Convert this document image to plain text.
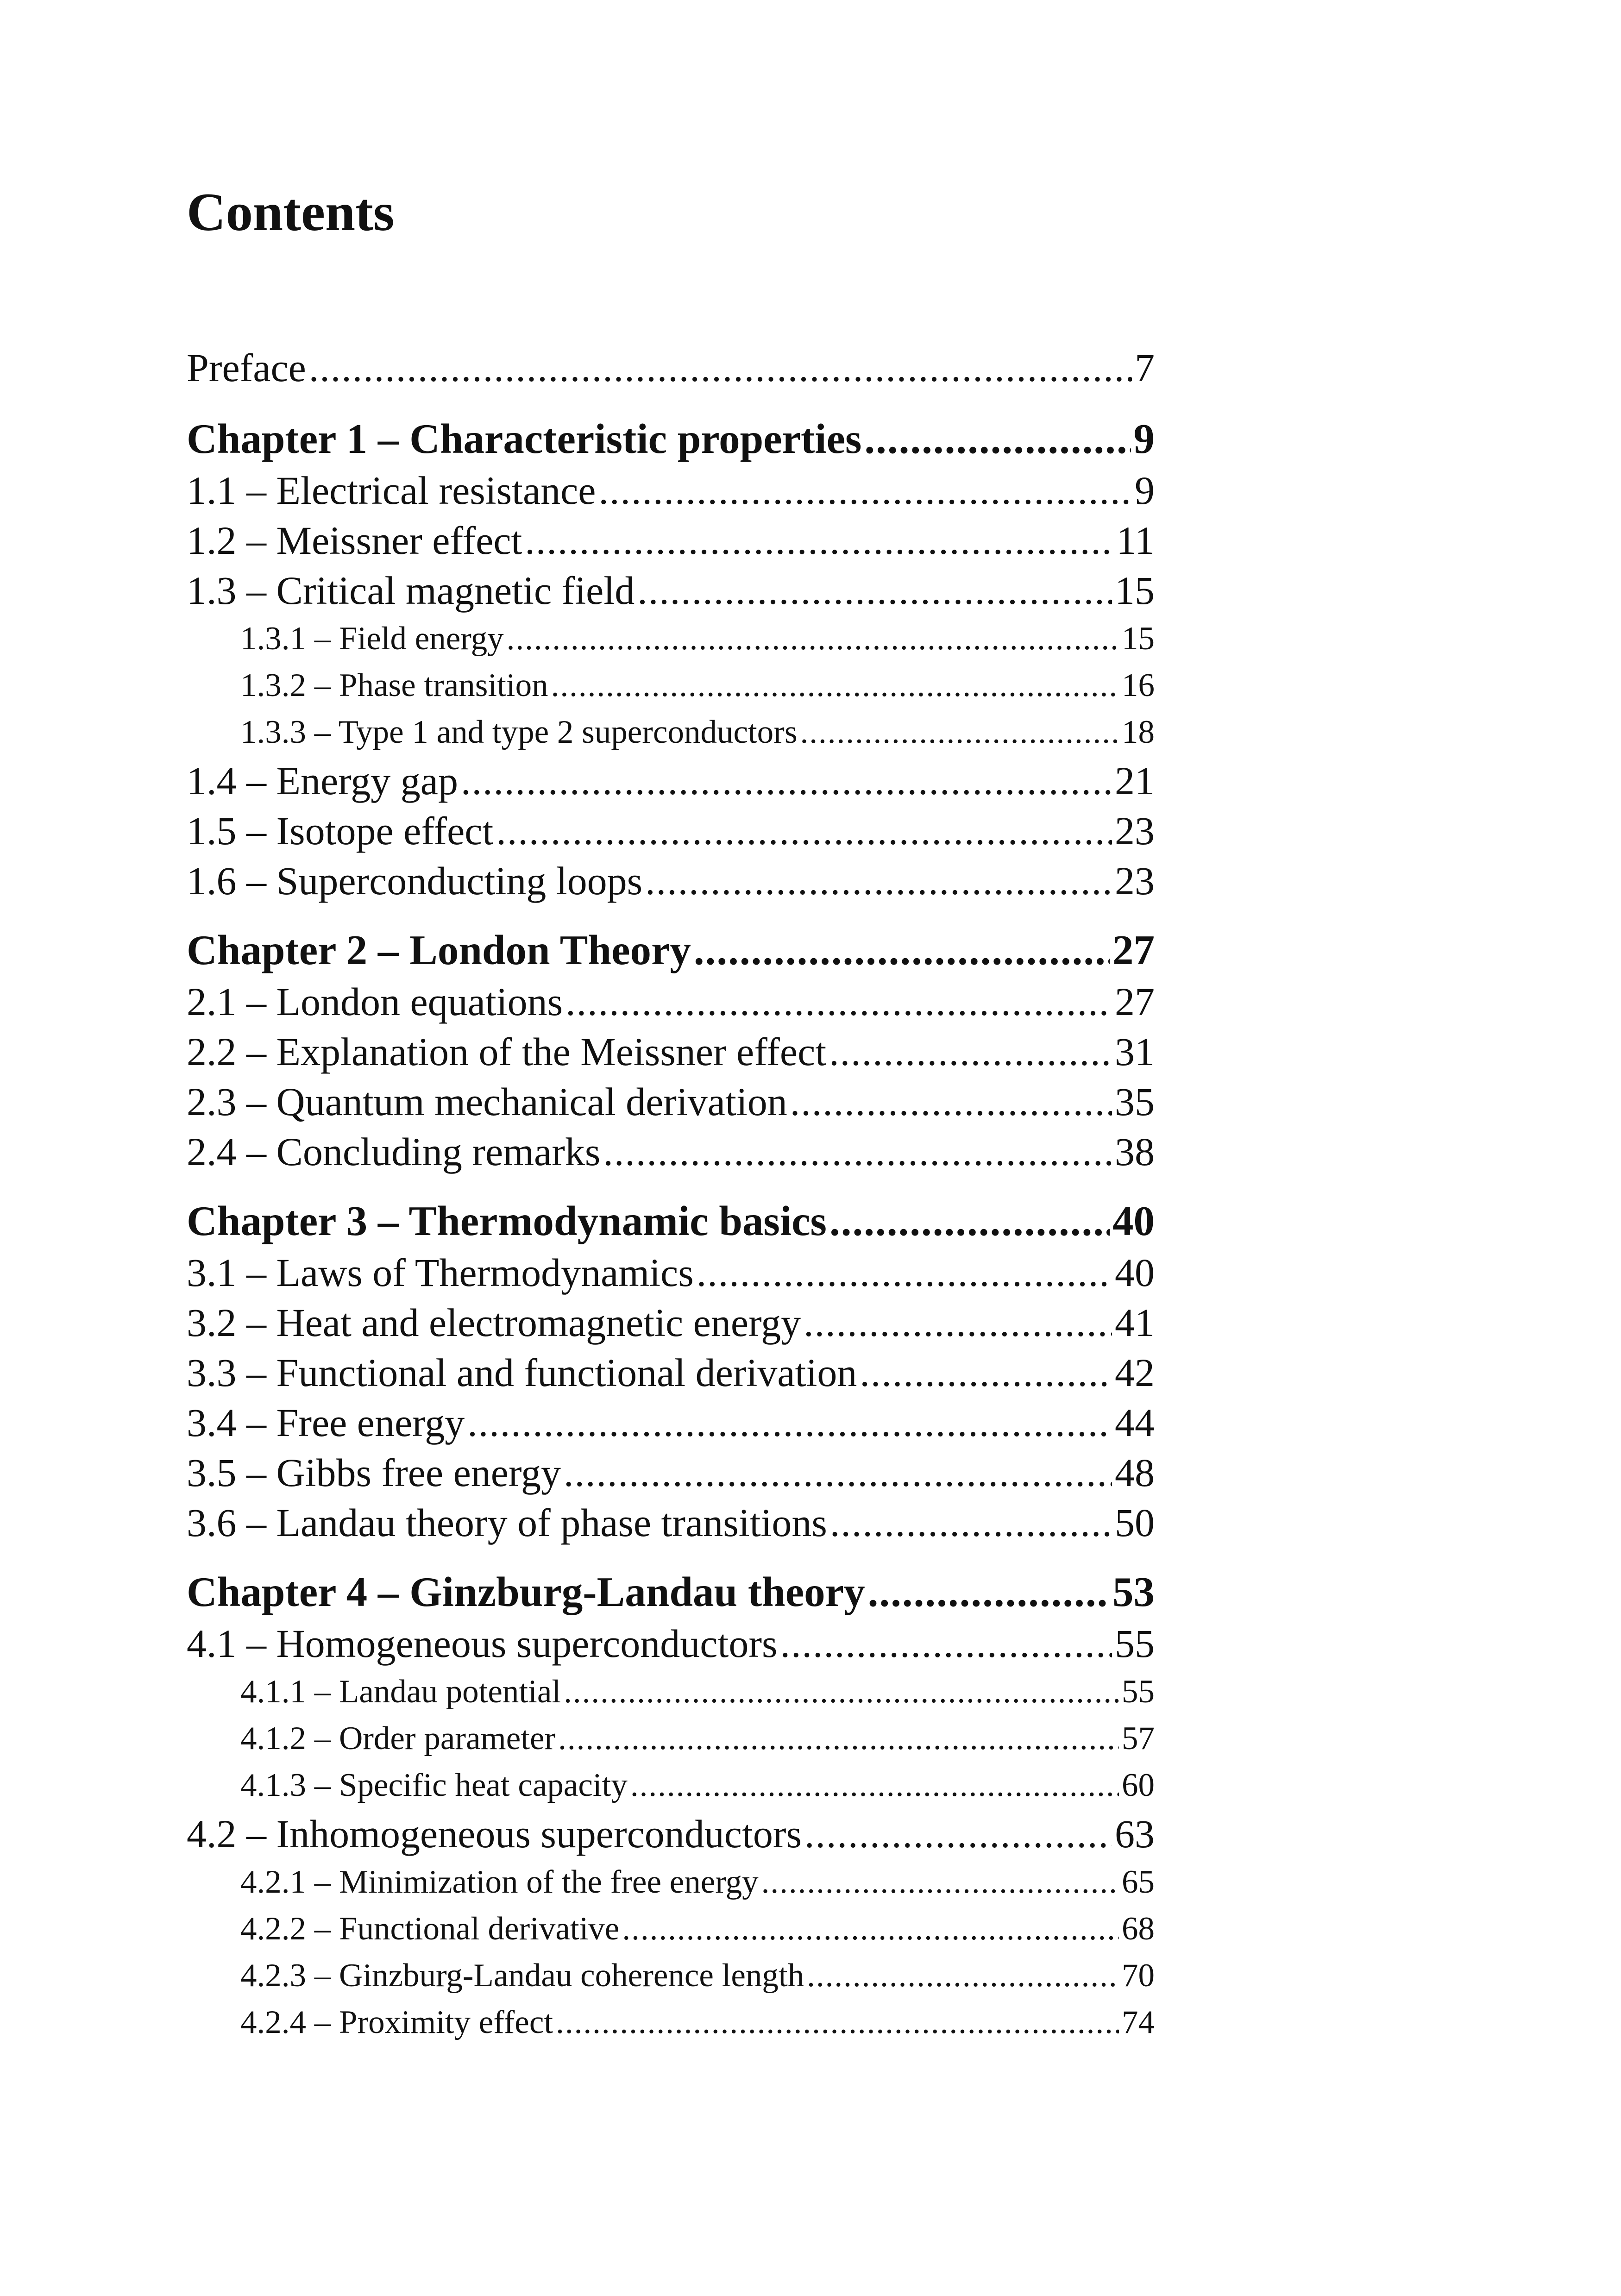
Contents
Preface .....	7
Chapter 1 – Characteristic properties .....	9
1.1 – Electrical resistance .....	9
1.2 – Meissner effect .....	11
1.3 – Critical magnetic field .....	15
1.3.1 – Field energy .....	15
1.3.2 – Phase transition .....	16
1.3.3 – Type 1 and type 2 superconductors .....	18
1.4 – Energy gap .....	21
1.5 – Isotope effect .....	23
1.6 – Superconducting loops .....	23
Chapter 2 – London Theory .....	27
2.1 – London equations .....	27
2.2 – Explanation of the Meissner effect .....	31
2.3 – Quantum mechanical derivation .....	35
2.4 – Concluding remarks .....	38
Chapter 3 – Thermodynamic basics .....	40
3.1 – Laws of Thermodynamics .....	40
3.2 – Heat and electromagnetic energy .....	41
3.3 – Functional and functional derivation .....	42
3.4 – Free energy .....	44
3.5 – Gibbs free energy .....	48
3.6 – Landau theory of phase transitions .....	50
Chapter 4 – Ginzburg-Landau theory .....	53
4.1 – Homogeneous superconductors .....	55
4.1.1 – Landau potential .....	55
4.1.2 – Order parameter .....	57
4.1.3 – Specific heat capacity .....	60
4.2 – Inhomogeneous superconductors .....	63
4.2.1 – Minimization of the free energy .....	65
4.2.2 – Functional derivative .....	68
4.2.3 – Ginzburg-Landau coherence length .....	70
4.2.4 – Proximity effect .....	74
